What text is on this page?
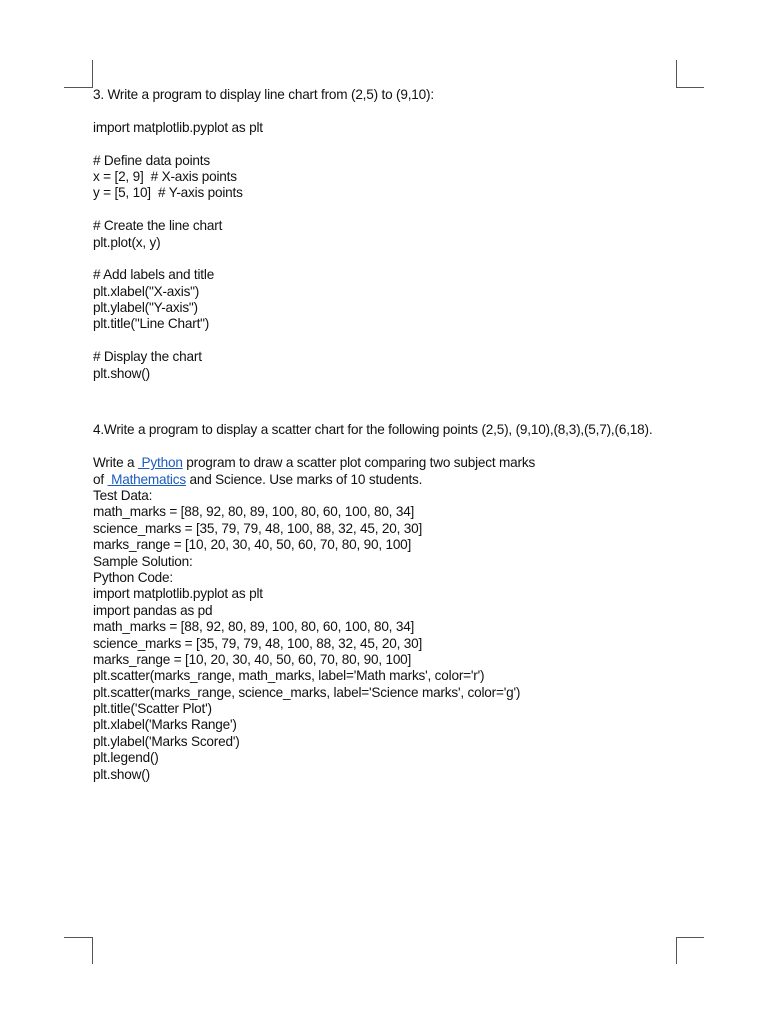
3. Write a program to display line chart from (2,5) to (9,10):
import matplotlib.pyplot as plt
# Define data points
x = [2, 9]  # X-axis points
y = [5, 10]  # Y-axis points
# Create the line chart
plt.plot(x, y)
# Add labels and title
plt.xlabel("X-axis")
plt.ylabel("Y-axis")
plt.title("Line Chart")
# Display the chart
plt.show()
4.Write a program to display a scatter chart for the following points (2,5), (9,10),(8,3),(5,7),(6,18).
Write a  Python program to draw a scatter plot comparing two subject marks
of  Mathematics and Science. Use marks of 10 students.
Test Data:
math_marks = [88, 92, 80, 89, 100, 80, 60, 100, 80, 34]
science_marks = [35, 79, 79, 48, 100, 88, 32, 45, 20, 30]
marks_range = [10, 20, 30, 40, 50, 60, 70, 80, 90, 100]
Sample Solution:
Python Code:
import matplotlib.pyplot as plt
import pandas as pd
math_marks = [88, 92, 80, 89, 100, 80, 60, 100, 80, 34]
science_marks = [35, 79, 79, 48, 100, 88, 32, 45, 20, 30]
marks_range = [10, 20, 30, 40, 50, 60, 70, 80, 90, 100]
plt.scatter(marks_range, math_marks, label='Math marks', color='r')
plt.scatter(marks_range, science_marks, label='Science marks', color='g')
plt.title('Scatter Plot')
plt.xlabel('Marks Range')
plt.ylabel('Marks Scored')
plt.legend()
plt.show()
